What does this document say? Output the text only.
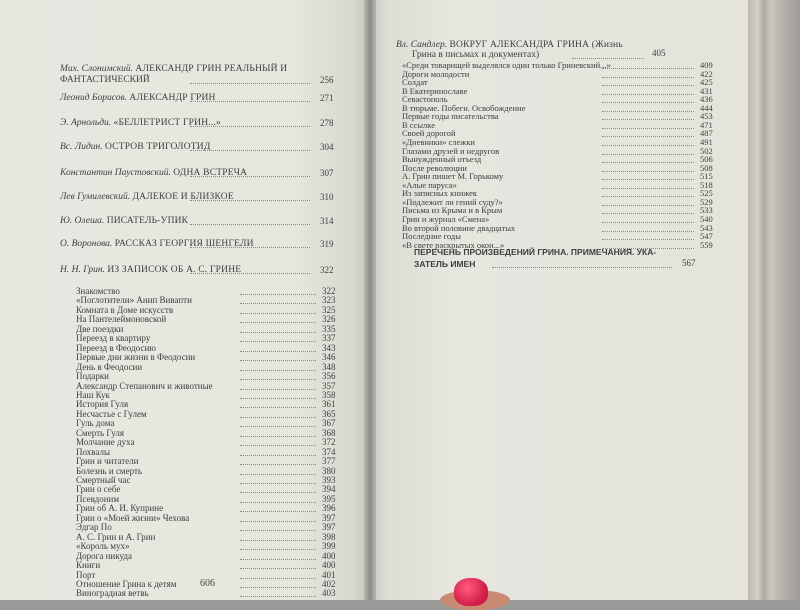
Мих. Слонимский. АЛЕКСАНДР ГРИН РЕАЛЬНЫЙ И
ФАНТАСТИЧЕСКИЙ	256
Леонид Борисов. АЛЕКСАНДР ГРИН	271
Э. Арнольди. «БЕЛЛЕТРИСТ ГРИН...»	278
Вс. Лидин. ОСТРОВ ТРИГОЛОТИД	304
Константин Паустовский. ОДНА ВСТРЕЧА	307
Лев Гумилевский. ДАЛЕКОЕ И БЛИЗКОЕ	310
Ю. Олеша. ПИСАТЕЛЬ-УПИК	314
О. Воронова. РАССКАЗ ГЕОРГИЯ ШЕНГЕЛИ	319
Н. Н. Грин. ИЗ ЗАПИСОК ОБ А. С. ГРИНЕ	322
Знакомство	322
«Поглотители» Анип Вивапти	323
Комната в Доме искусств	325
На Пантелеймоновской	326
Две поездки	335
Переезд в квартиру	337
Переезд в Феодосию	343
Первые дни жизни в Феодосии	346
День в Феодосии	348
Подарки	356
Александр Степанович и животные	357
Наш Кук	358
История Гуля	361
Несчастье с Гулем	365
Гуль дома	367
Смерть Гуля	368
Молчание духа	372
Похвалы	374
Грин и читатели	377
Болезнь и смерть	380
Смертный час	393
Грин о себе	394
Псевдоним	395
Грин об А. И. Куприне	396
Грин о «Моей жизни» Чехова	397
Эдгар По	397
А. С. Грин и А. Грин	398
«Король мух»	399
Дорога никуда	400
Книги	400
Порт	401
Отношение Грина к детям	402
Виноградная ветвь	403
606
Вл. Сандлер. ВОКРУГ АЛЕКСАНДРА ГРИНА (Жизнь
Грина в письмах и документах)	405
«Среди товарищей выделялся один только Гриневский...»	409
Дороги молодости	422
Солдат	425
В Екатеринославе	431
Севастополь	436
В тюрьме. Побеги. Освобождение	444
Первые годы писательства	453
В ссылке	471
Своей дорогой	487
«Дневники» слежки	491
Глазами друзей и недругов	502
Вынужденный отъезд	506
После революции	508
А. Грин пишет М. Горькому	515
«Алые паруса»	518
Из записных книжек	525
«Подлежит ли гений суду?»	529
Письма из Крыма и в Крым	533
Грин и журнал «Смена»	540
Во второй половине двадцатых	543
Последние годы	547
«В свете раскрытых окон...»	559
ПЕРЕЧЕНЬ ПРОИЗВЕДЕНИЙ ГРИНА. ПРИМЕЧАНИЯ. УКА-
ЗАТЕЛЬ ИМЕН	567
